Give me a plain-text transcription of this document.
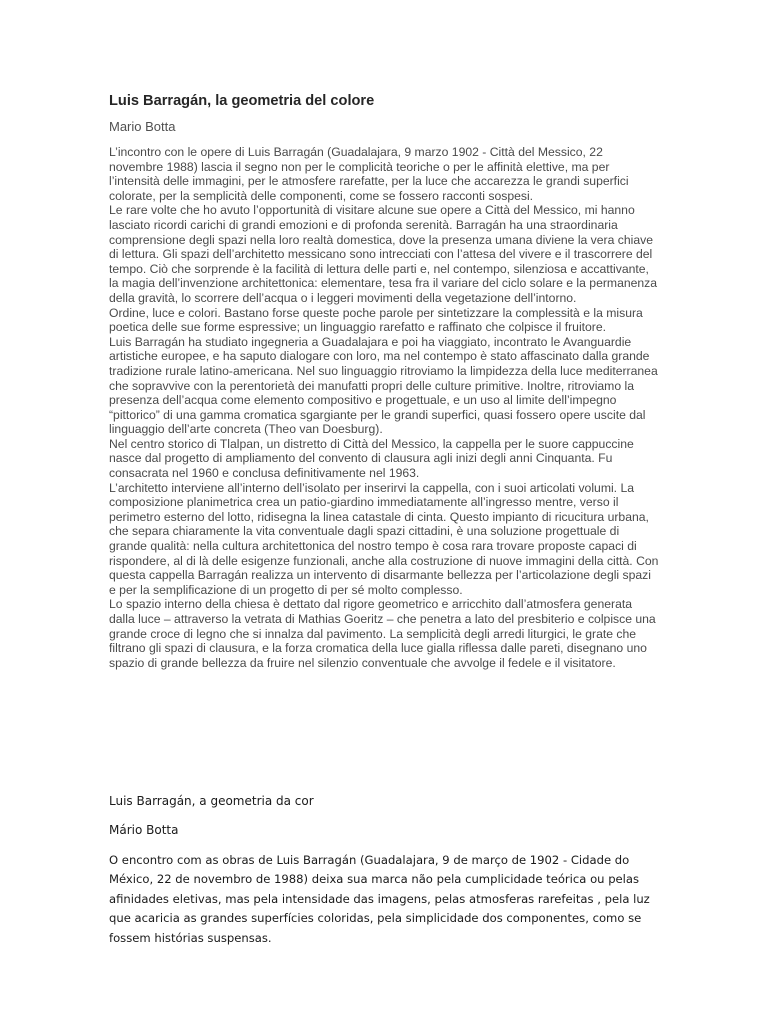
Luis Barragán, la geometria del colore
Mario Botta

L’incontro con le opere di Luis Barragán (Guadalajara, 9 marzo 1902 - Città del Messico, 22 novembre 1988) lascia il segno non per le complicità teoriche o per le affinità elettive, ma per l’intensità delle immagini, per le atmosfere rarefatte, per la luce che accarezza le grandi superfici colorate, per la semplicità delle componenti, come se fossero racconti sospesi.

Le rare volte che ho avuto l’opportunità di visitare alcune sue opere a Città del Messico, mi hanno lasciato ricordi carichi di grandi emozioni e di profonda serenità. Barragán ha una straordinaria comprensione degli spazi nella loro realtà domestica, dove la presenza umana diviene la vera chiave di lettura. Gli spazi dell’architetto messicano sono intrecciati con l’attesa del vivere e il trascorrere del tempo. Ciò che sorprende è la facilità di lettura delle parti e, nel contempo, silenziosa e accattivante, la magia dell’invenzione architettonica: elementare, tesa fra il variare del ciclo solare e la permanenza della gravità, lo scorrere dell’acqua o i leggeri movimenti della vegetazione dell’intorno.

Ordine, luce e colori. Bastano forse queste poche parole per sintetizzare la complessità e la misura poetica delle sue forme espressive; un linguaggio rarefatto e raffinato che colpisce il fruitore.

Luis Barragán ha studiato ingegneria a Guadalajara e poi ha viaggiato, incontrato le Avanguardie artistiche europee, e ha saputo dialogare con loro, ma nel contempo è stato affascinato dalla grande tradizione rurale latino-americana. Nel suo linguaggio ritroviamo la limpidezza della luce mediterranea che sopravvive con la perentorietà dei manufatti propri delle culture primitive. Inoltre, ritroviamo la presenza dell’acqua come elemento compositivo e progettuale, e un uso al limite dell’impegno “pittorico” di una gamma cromatica sgargiante per le grandi superfici, quasi fossero opere uscite dal linguaggio dell’arte concreta (Theo van Doesburg).

Nel centro storico di Tlalpan, un distretto di Città del Messico, la cappella per le suore cappuccine nasce dal progetto di ampliamento del convento di clausura agli inizi degli anni Cinquanta. Fu consacrata nel 1960 e conclusa definitivamente nel 1963.

L’architetto interviene all’interno dell’isolato per inserirvi la cappella, con i suoi articolati volumi. La composizione planimetrica crea un patio-giardino immediatamente all’ingresso mentre, verso il perimetro esterno del lotto, ridisegna la linea catastale di cinta. Questo impianto di ricucitura urbana, che separa chiaramente la vita conventuale dagli spazi cittadini, è una soluzione progettuale di grande qualità: nella cultura architettonica del nostro tempo è cosa rara trovare proposte capaci di rispondere, al di là delle esigenze funzionali, anche alla costruzione di nuove immagini della città. Con questa cappella Barragán realizza un intervento di disarmante bellezza per l’articolazione degli spazi e per la semplificazione di un progetto di per sé molto complesso.

Lo spazio interno della chiesa è dettato dal rigore geometrico e arricchito dall’atmosfera generata dalla luce – attraverso la vetrata di Mathias Goeritz – che penetra a lato del presbiterio e colpisce una grande croce di legno che si innalza dal pavimento. La semplicità degli arredi liturgici, le grate che filtrano gli spazi di clausura, e la forza cromatica della luce gialla riflessa dalle pareti, disegnano uno spazio di grande bellezza da fruire nel silenzio conventuale che avvolge il fedele e il visitatore.

Luis Barragán, a geometria da cor
Mário Botta

O encontro com as obras de Luis Barragán (Guadalajara, 9 de março de 1902 - Cidade do México, 22 de novembro de 1988) deixa sua marca não pela cumplicidade teórica ou pelas afinidades eletivas, mas pela intensidade das imagens, pelas atmosferas rarefeitas , pela luz que acaricia as grandes superfícies coloridas, pela simplicidade dos componentes, como se fossem histórias suspensas.
